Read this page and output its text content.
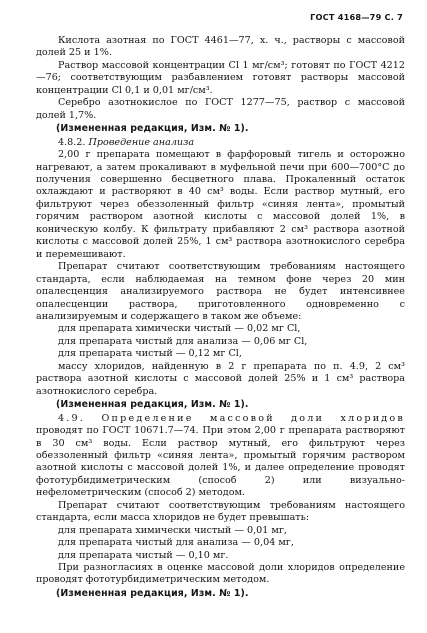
ГОСТ 4168—79 С. 7

Кислота азотная по ГОСТ 4461—77, х. ч., растворы с массовой долей 25 и 1%.

Раствор массовой концентрации Cl 1 мг/см³; готовят по ГОСТ 4212—76; соответствующим разбавлением готовят растворы массовой концентрации Cl 0,1 и 0,01 мг/см³.

Серебро азотнокислое по ГОСТ 1277—75, раствор с массовой долей 1,7%.

(Измененная редакция, Изм. № 1).

4.8.2. Проведение анализа

2,00 г препарата помещают в фарфоровый тигель и осторожно нагревают, а затем прокаливают в муфельной печи при 600—700°C до получения совершенно бесцветного плава. Прокаленный остаток охлаждают и растворяют в 40 см³ воды. Если раствор мутный, его фильтруют через обеззоленный фильтр «синяя лента», промытый горячим раствором азотной кислоты с массовой долей 1%, в коническую колбу. К фильтрату прибавляют 2 см³ раствора азотной кислоты с массовой долей 25%, 1 см³ раствора азотнокислого серебра и перемешивают.

Препарат считают соответствующим требованиям настоящего стандарта, если наблюдаемая на темном фоне через 20 мин опалесценция анализируемого раствора не будет интенсивнее опалесценции раствора, приготовленного одновременно с анализируемым и содержащего в таком же объеме:

для препарата химически чистый — 0,02 мг Cl,

для препарата чистый для анализа — 0,06 мг Cl,

для препарата чистый — 0,12 мг Cl,

массу хлоридов, найденную в 2 г препарата по п. 4.9, 2 см³ раствора азотной кислоты с массовой долей 25% и 1 см³ раствора азотнокислого серебра.

(Измененная редакция, Изм. № 1).

4.9. Определение массовой доли хлоридов проводят по ГОСТ 10671.7—74. При этом 2,00 г препарата растворяют в 30 см³ воды. Если раствор мутный, его фильтруют через обеззоленный фильтр «синяя лента», промытый горячим раствором азотной кислоты с массовой долей 1%, и далее определение проводят фототурбидиметрическим (способ 2) или визуально-нефелометрическим (способ 2) методом.

Препарат считают соответствующим требованиям настоящего стандарта, если масса хлоридов не будет превышать:

для препарата химически чистый — 0,01 мг,

для препарата чистый для анализа — 0,04 мг,

для препарата чистый — 0,10 мг.

При разногласиях в оценке массовой доли хлоридов определение проводят фототурбидиметрическим методом.

(Измененная редакция, Изм. № 1).
